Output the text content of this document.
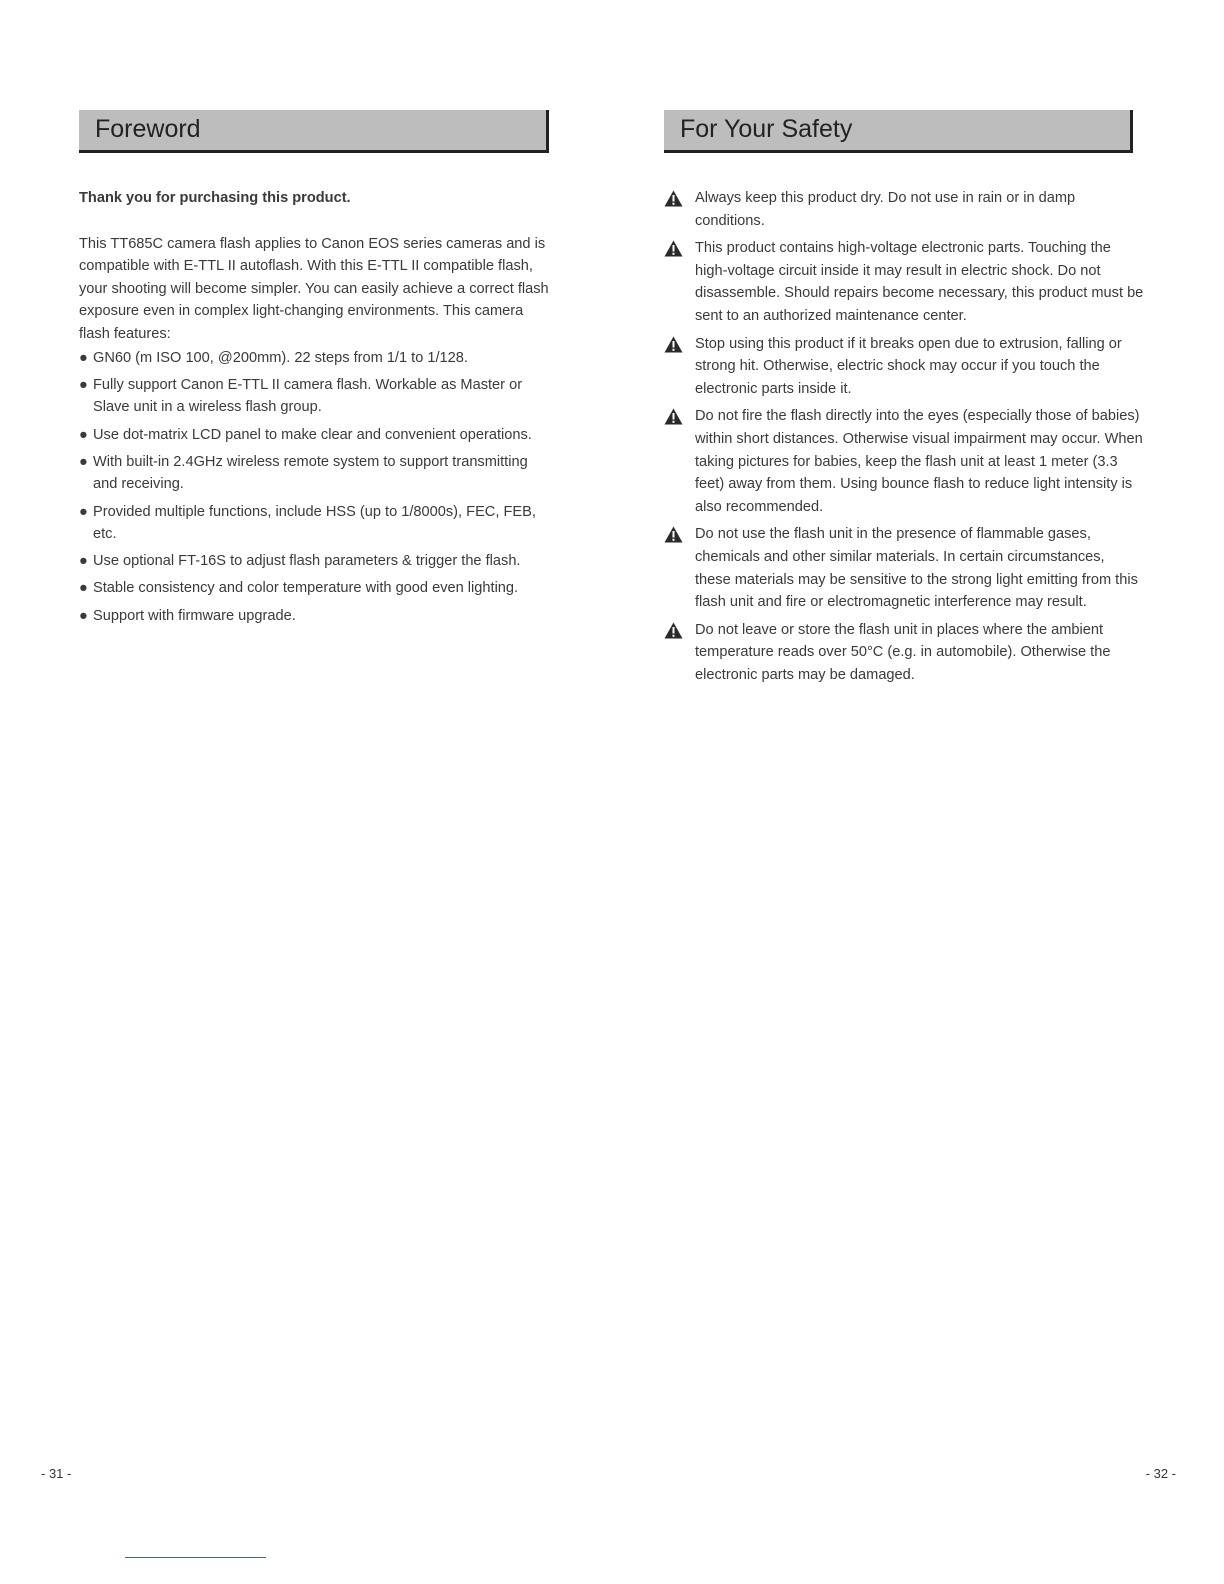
Foreword

Thank you for purchasing this product.

This TT685C camera flash applies to Canon EOS series cameras and is compatible with E-TTL II autoflash. With this E-TTL II compatible flash, your shooting will become simpler. You can easily achieve a correct flash exposure even in complex light-changing environments. This camera flash features:

● GN60 (m ISO 100, @200mm). 22 steps from 1/1 to 1/128.
● Fully support Canon E-TTL II camera flash. Workable as Master or Slave unit in a wireless flash group.
● Use dot-matrix LCD panel to make clear and convenient operations.
● With built-in 2.4GHz wireless remote system to support transmitting and receiving.
● Provided multiple functions, include HSS (up to 1/8000s), FEC, FEB, etc.
● Use optional FT-16S to adjust flash parameters & trigger the flash.
● Stable consistency and color temperature with good even lighting.
● Support with firmware upgrade.
- 31 -
For Your Safety
Always keep this product dry. Do not use in rain or in damp conditions.
This product contains high-voltage electronic parts. Touching the high-voltage circuit inside it may result in electric shock. Do not disassemble. Should repairs become necessary, this product must be sent to an authorized maintenance center.
Stop using this product if it breaks open due to extrusion, falling or strong hit. Otherwise, electric shock may occur if you touch the electronic parts inside it.
Do not fire the flash directly into the eyes (especially those of babies) within short distances. Otherwise visual impairment may occur. When taking pictures for babies, keep the flash unit at least 1 meter (3.3 feet) away from them. Using bounce flash to reduce light intensity is also recommended.
Do not use the flash unit in the presence of flammable gases, chemicals and other similar materials. In certain circumstances, these materials may be sensitive to the strong light emitting from this flash unit and fire or electromagnetic interference may result.
Do not leave or store the flash unit in places where the ambient temperature reads over 50°C (e.g. in automobile). Otherwise the electronic parts may be damaged.
- 32 -
